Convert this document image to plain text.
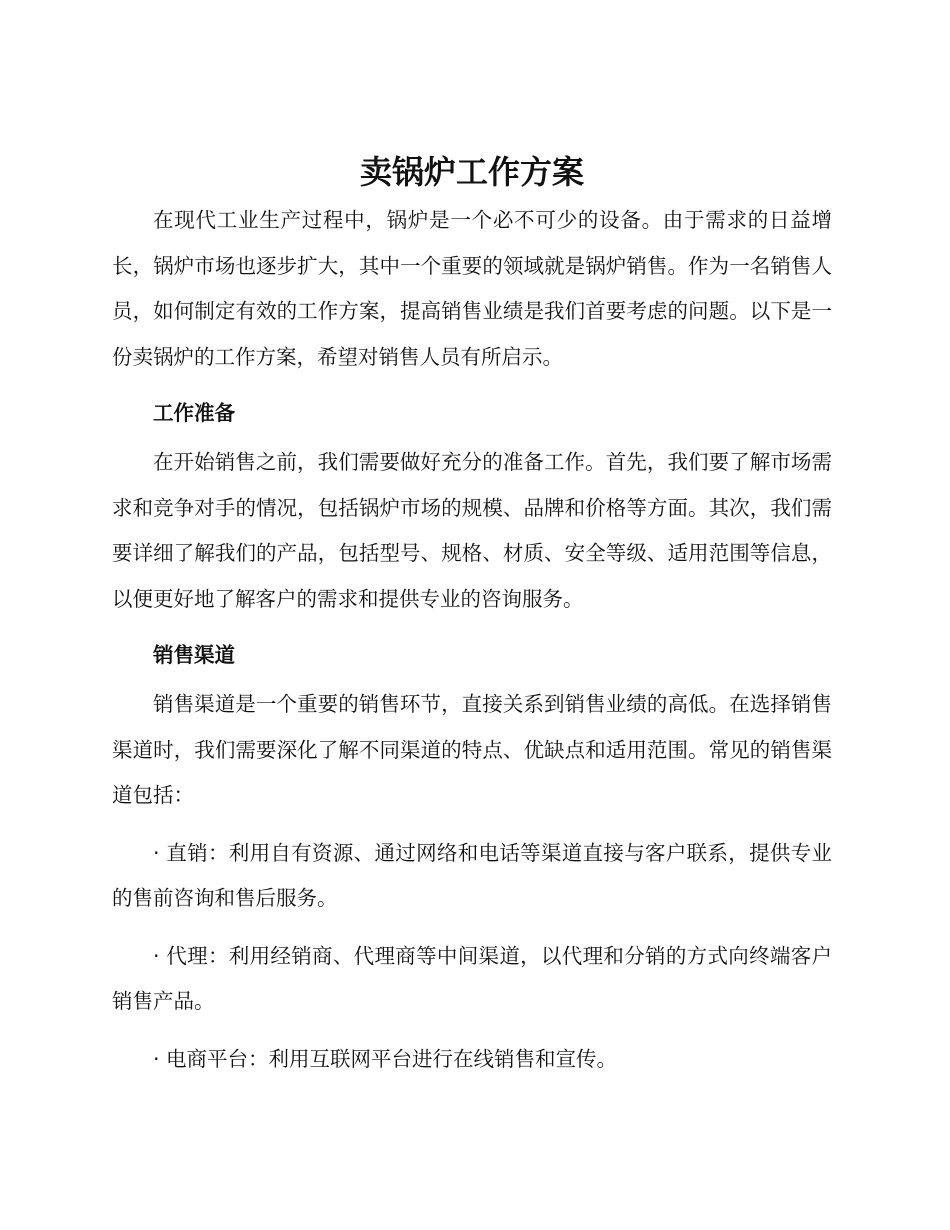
卖锅炉工作方案

在现代工业生产过程中，锅炉是一个必不可少的设备。由于需求的日益增长，锅炉市场也逐步扩大，其中一个重要的领域就是锅炉销售。作为一名销售人员，如何制定有效的工作方案，提高销售业绩是我们首要考虑的问题。以下是一份卖锅炉的工作方案，希望对销售人员有所启示。

工作准备

在开始销售之前，我们需要做好充分的准备工作。首先，我们要了解市场需求和竞争对手的情况，包括锅炉市场的规模、品牌和价格等方面。其次，我们需要详细了解我们的产品，包括型号、规格、材质、安全等级、适用范围等信息，以便更好地了解客户的需求和提供专业的咨询服务。

销售渠道

销售渠道是一个重要的销售环节，直接关系到销售业绩的高低。在选择销售渠道时，我们需要深化了解不同渠道的特点、优缺点和适用范围。常见的销售渠道包括：

· 直销：利用自有资源、通过网络和电话等渠道直接与客户联系，提供专业的售前咨询和售后服务。

· 代理：利用经销商、代理商等中间渠道，以代理和分销的方式向终端客户销售产品。

· 电商平台：利用互联网平台进行在线销售和宣传。
